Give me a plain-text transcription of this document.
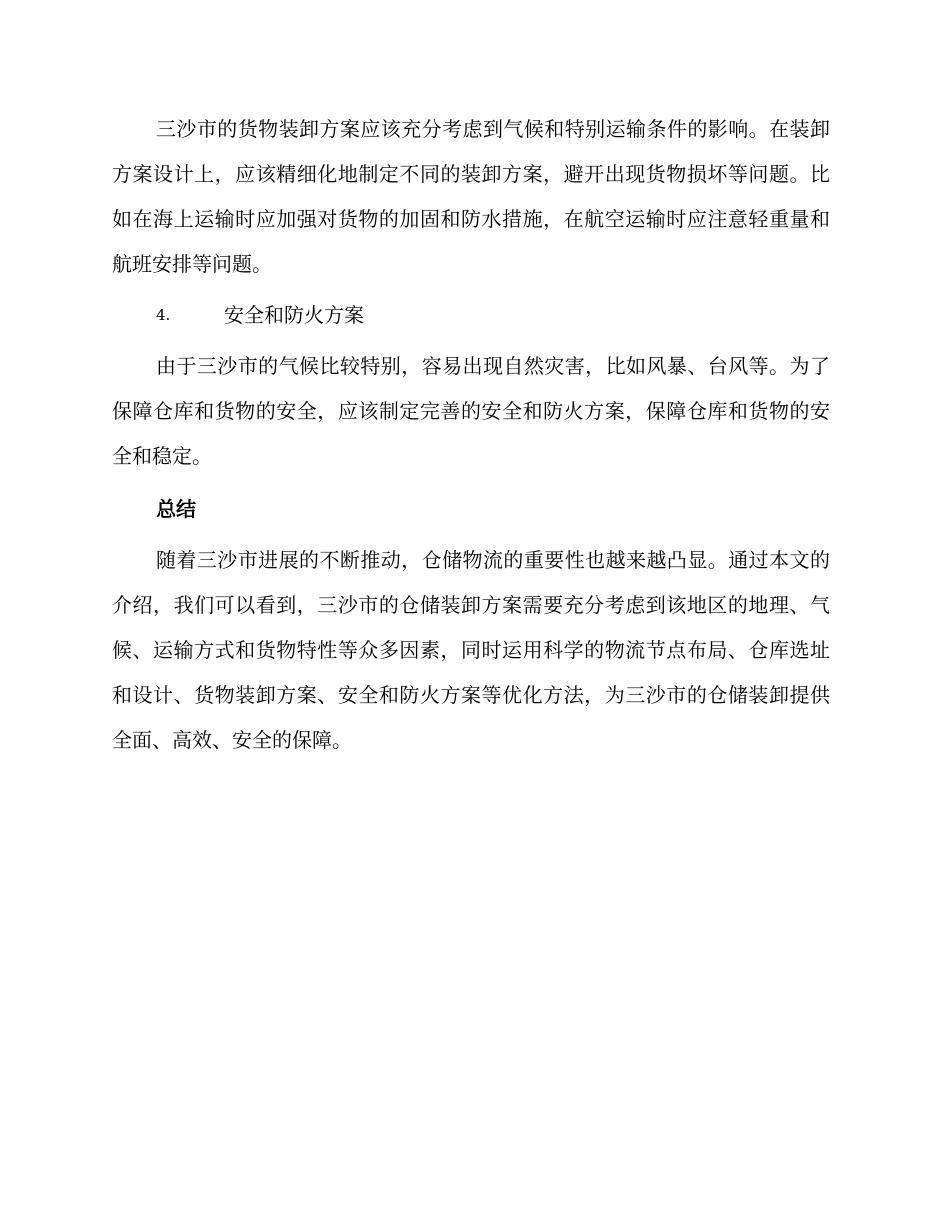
三沙市的货物装卸方案应该充分考虑到气候和特别运输条件的影响。在装卸方案设计上，应该精细化地制定不同的装卸方案，避开出现货物损坏等问题。比如在海上运输时应加强对货物的加固和防水措施，在航空运输时应注意轻重量和航班安排等问题。

4.	安全和防火方案

由于三沙市的气候比较特别，容易出现自然灾害，比如风暴、台风等。为了保障仓库和货物的安全，应该制定完善的安全和防火方案，保障仓库和货物的安全和稳定。

总结

随着三沙市进展的不断推动，仓储物流的重要性也越来越凸显。通过本文的介绍，我们可以看到，三沙市的仓储装卸方案需要充分考虑到该地区的地理、气候、运输方式和货物特性等众多因素，同时运用科学的物流节点布局、仓库选址和设计、货物装卸方案、安全和防火方案等优化方法，为三沙市的仓储装卸提供全面、高效、安全的保障。
